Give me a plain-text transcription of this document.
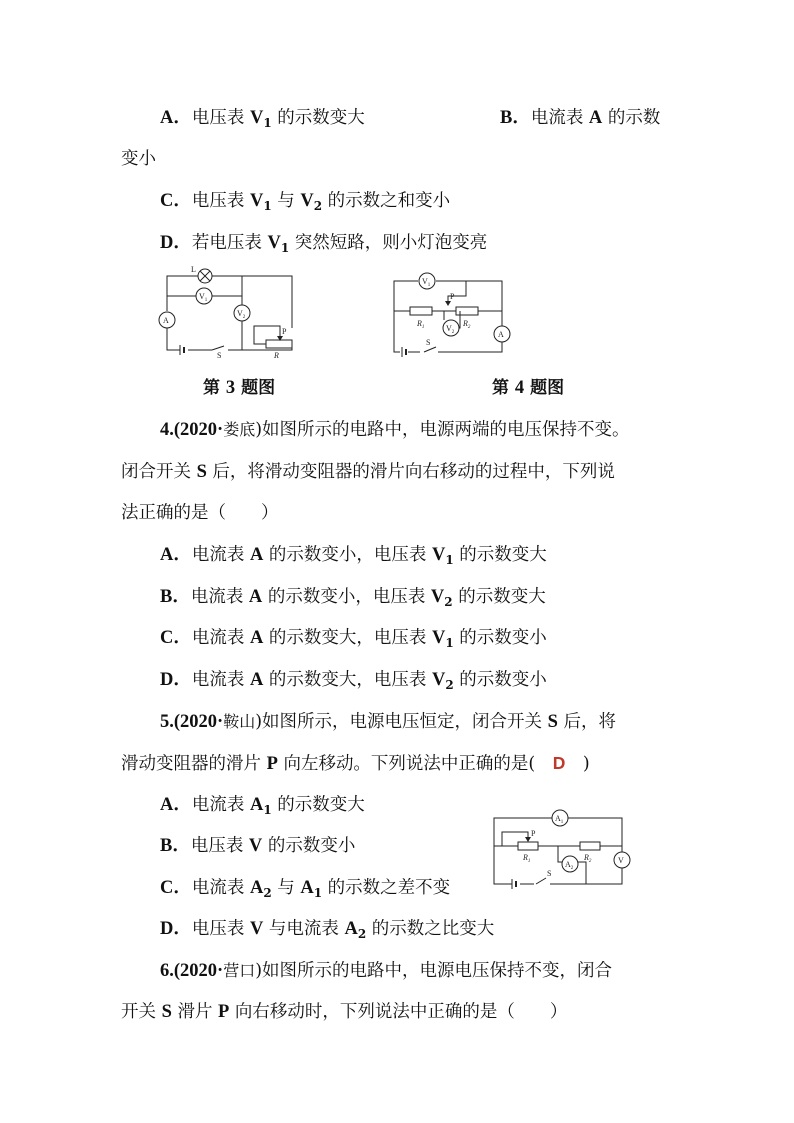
A．电压表 $V_1$ 的示数变大	B．电流表 A 的示数
变小
C．电压表 $V_1$ 与 $V_2$ 的示数之和变小
D．若电压表 $V_1$ 突然短路，则小灯泡变亮
L
$V_1$
A
$V_2$
P
R
S
P
$V_1$
$V_2$	A
$R_1$	$R_2$
S
第 3 题图	第 4 题图
4.(2020·娄底)如图所示的电路中，电源两端的电压保持不变。
闭合开关 S 后，将滑动变阻器的滑片向右移动的过程中，下列说
法正确的是（　　）
A．电流表 A 的示数变小，电压表 $V_1$ 的示数变大
B．电流表 A 的示数变小，电压表 $V_2$ 的示数变大
C．电流表 A 的示数变大，电压表 $V_1$ 的示数变小
D．电流表 A 的示数变大，电压表 $V_2$ 的示数变小
5.(2020·鞍山)如图所示，电源电压恒定，闭合开关 S 后，将
滑动变阻器的滑片 P 向左移动。下列说法中正确的是(　D　)
A．电流表 $A_1$ 的示数变大
B．电压表 V 的示数变小
C．电流表 $A_2$ 与 $A_1$ 的示数之差不变
D．电压表 V 与电流表 $A_2$ 的示数之比变大
P
$A_1$
$A_2$
V
$R_1$	$R_2$
S
6.(2020·营口)如图所示的电路中，电源电压保持不变，闭合
开关 S 滑片 P 向右移动时，下列说法中正确的是（　　）
